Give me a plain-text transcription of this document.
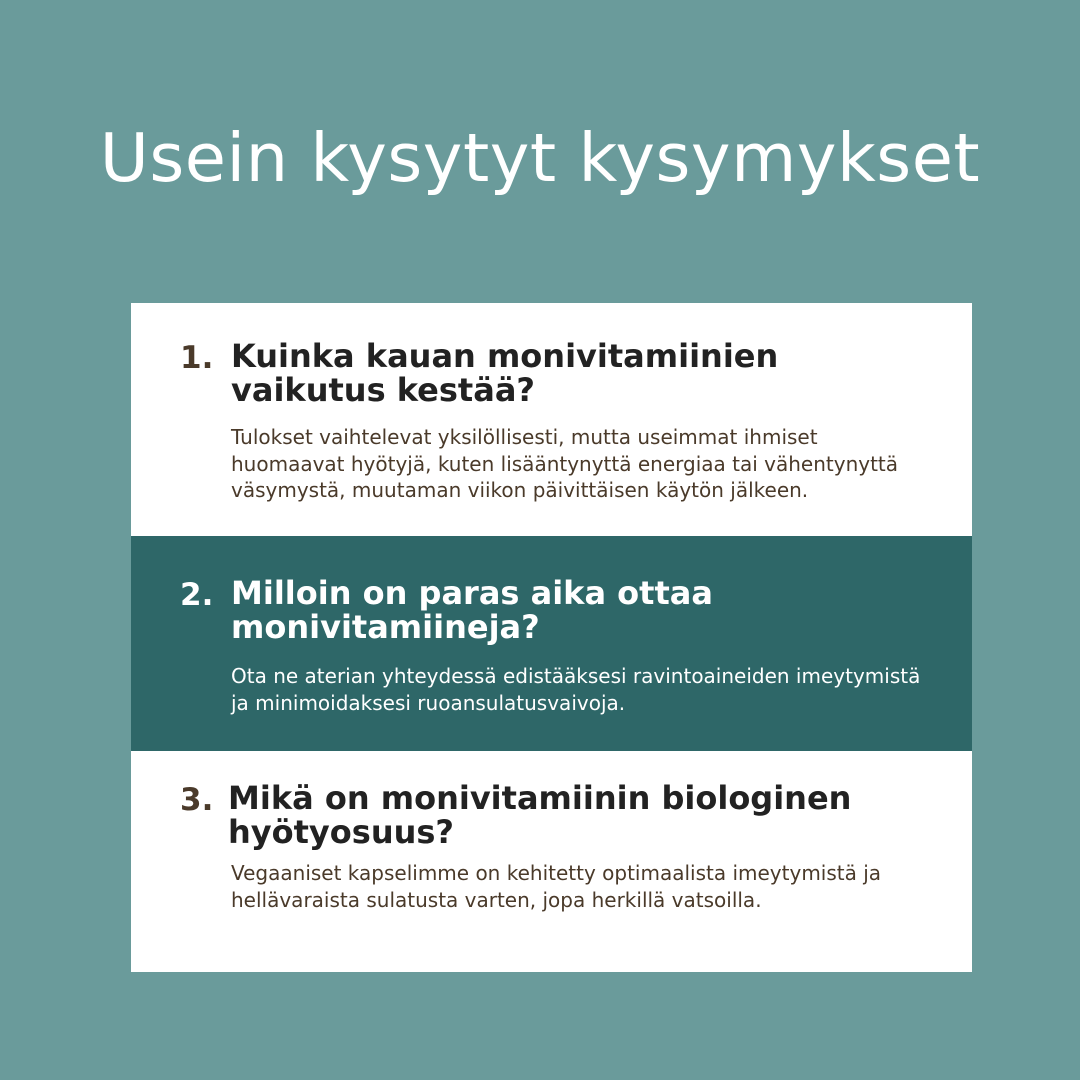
Usein kysytyt kysymykset
1. Kuinka kauan monivitamiinien vaikutus kestää?

Tulokset vaihtelevat yksilöllisesti, mutta useimmat ihmiset huomaavat hyötyjä, kuten lisääntynyttä energiaa tai vähentynyttä väsymystä, muutaman viikon päivittäisen käytön jälkeen.

2. Milloin on paras aika ottaa monivitamiineja?

Ota ne aterian yhteydessä edistääksesi ravintoaineiden imeytymistä ja minimoidaksesi ruoansulatusvaivoja.

3. Mikä on monivitamiinin biologinen hyötyosuus?

Vegaaniset kapselimme on kehitetty optimaalista imeytymistä ja hellävaraista sulatusta varten, jopa herkillä vatsoilla.
